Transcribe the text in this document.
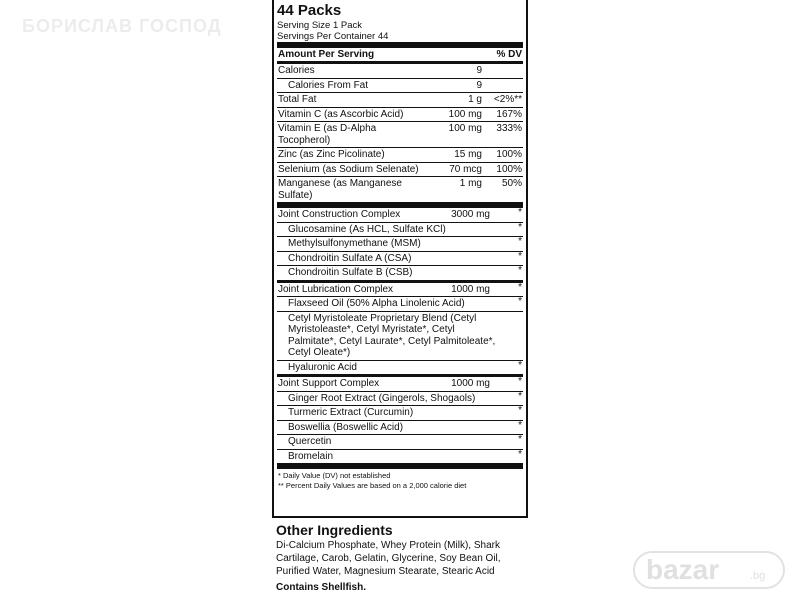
БОРИСЛАВ ГОСПОД
44 Packs
Serving Size 1 Pack
Servings Per Container 44
Amount Per Serving	% DV
Calories	9
Calories From Fat	9
Total Fat	1 g	<2%**
Vitamin C (as Ascorbic Acid)	100 mg	167%
Vitamin E (as D-Alpha Tocopherol)
100 mg	333%
Zinc (as Zinc Picolinate)	15 mg	100%
Selenium (as Sodium Selenate)	70 mcg	100%
Manganese (as Manganese Sulfate)
1 mg	50%
Joint Construction Complex	3000 mg	*
Glucosamine (As HCL, Sulfate KCl)	*
Methylsulfonymethane (MSM)	*
Chondroitin Sulfate A (CSA)	*
Chondroitin Sulfate B (CSB)	*
Joint Lubrication Complex	1000 mg	*
Flaxseed Oil (50% Alpha Linolenic Acid)	*
Cetyl Myristoleate Proprietary Blend (Cetyl Myristoleaste*, Cetyl Myristate*, Cetyl Palmitate*, Cetyl Laurate*, Cetyl Palmitoleate*, Cetyl Oleate*)
Hyaluronic Acid	*
Joint Support Complex	1000 mg	*
Ginger Root Extract (Gingerols, Shogaols)	*
Turmeric Extract (Curcumin)	*
Boswellia (Boswellic Acid)	*
Quercetin	*
Bromelain	*
* Daily Value (DV) not established
** Percent Daily Values are based on a 2,000 calorie diet
Other Ingredients

Di-Calcium Phosphate, Whey Protein (Milk), Shark Cartilage, Carob, Gelatin, Glycerine, Soy Bean Oil, Purified Water, Magnesium Stearate, Stearic Acid

Contains Shellfish.

bazar	.bg
